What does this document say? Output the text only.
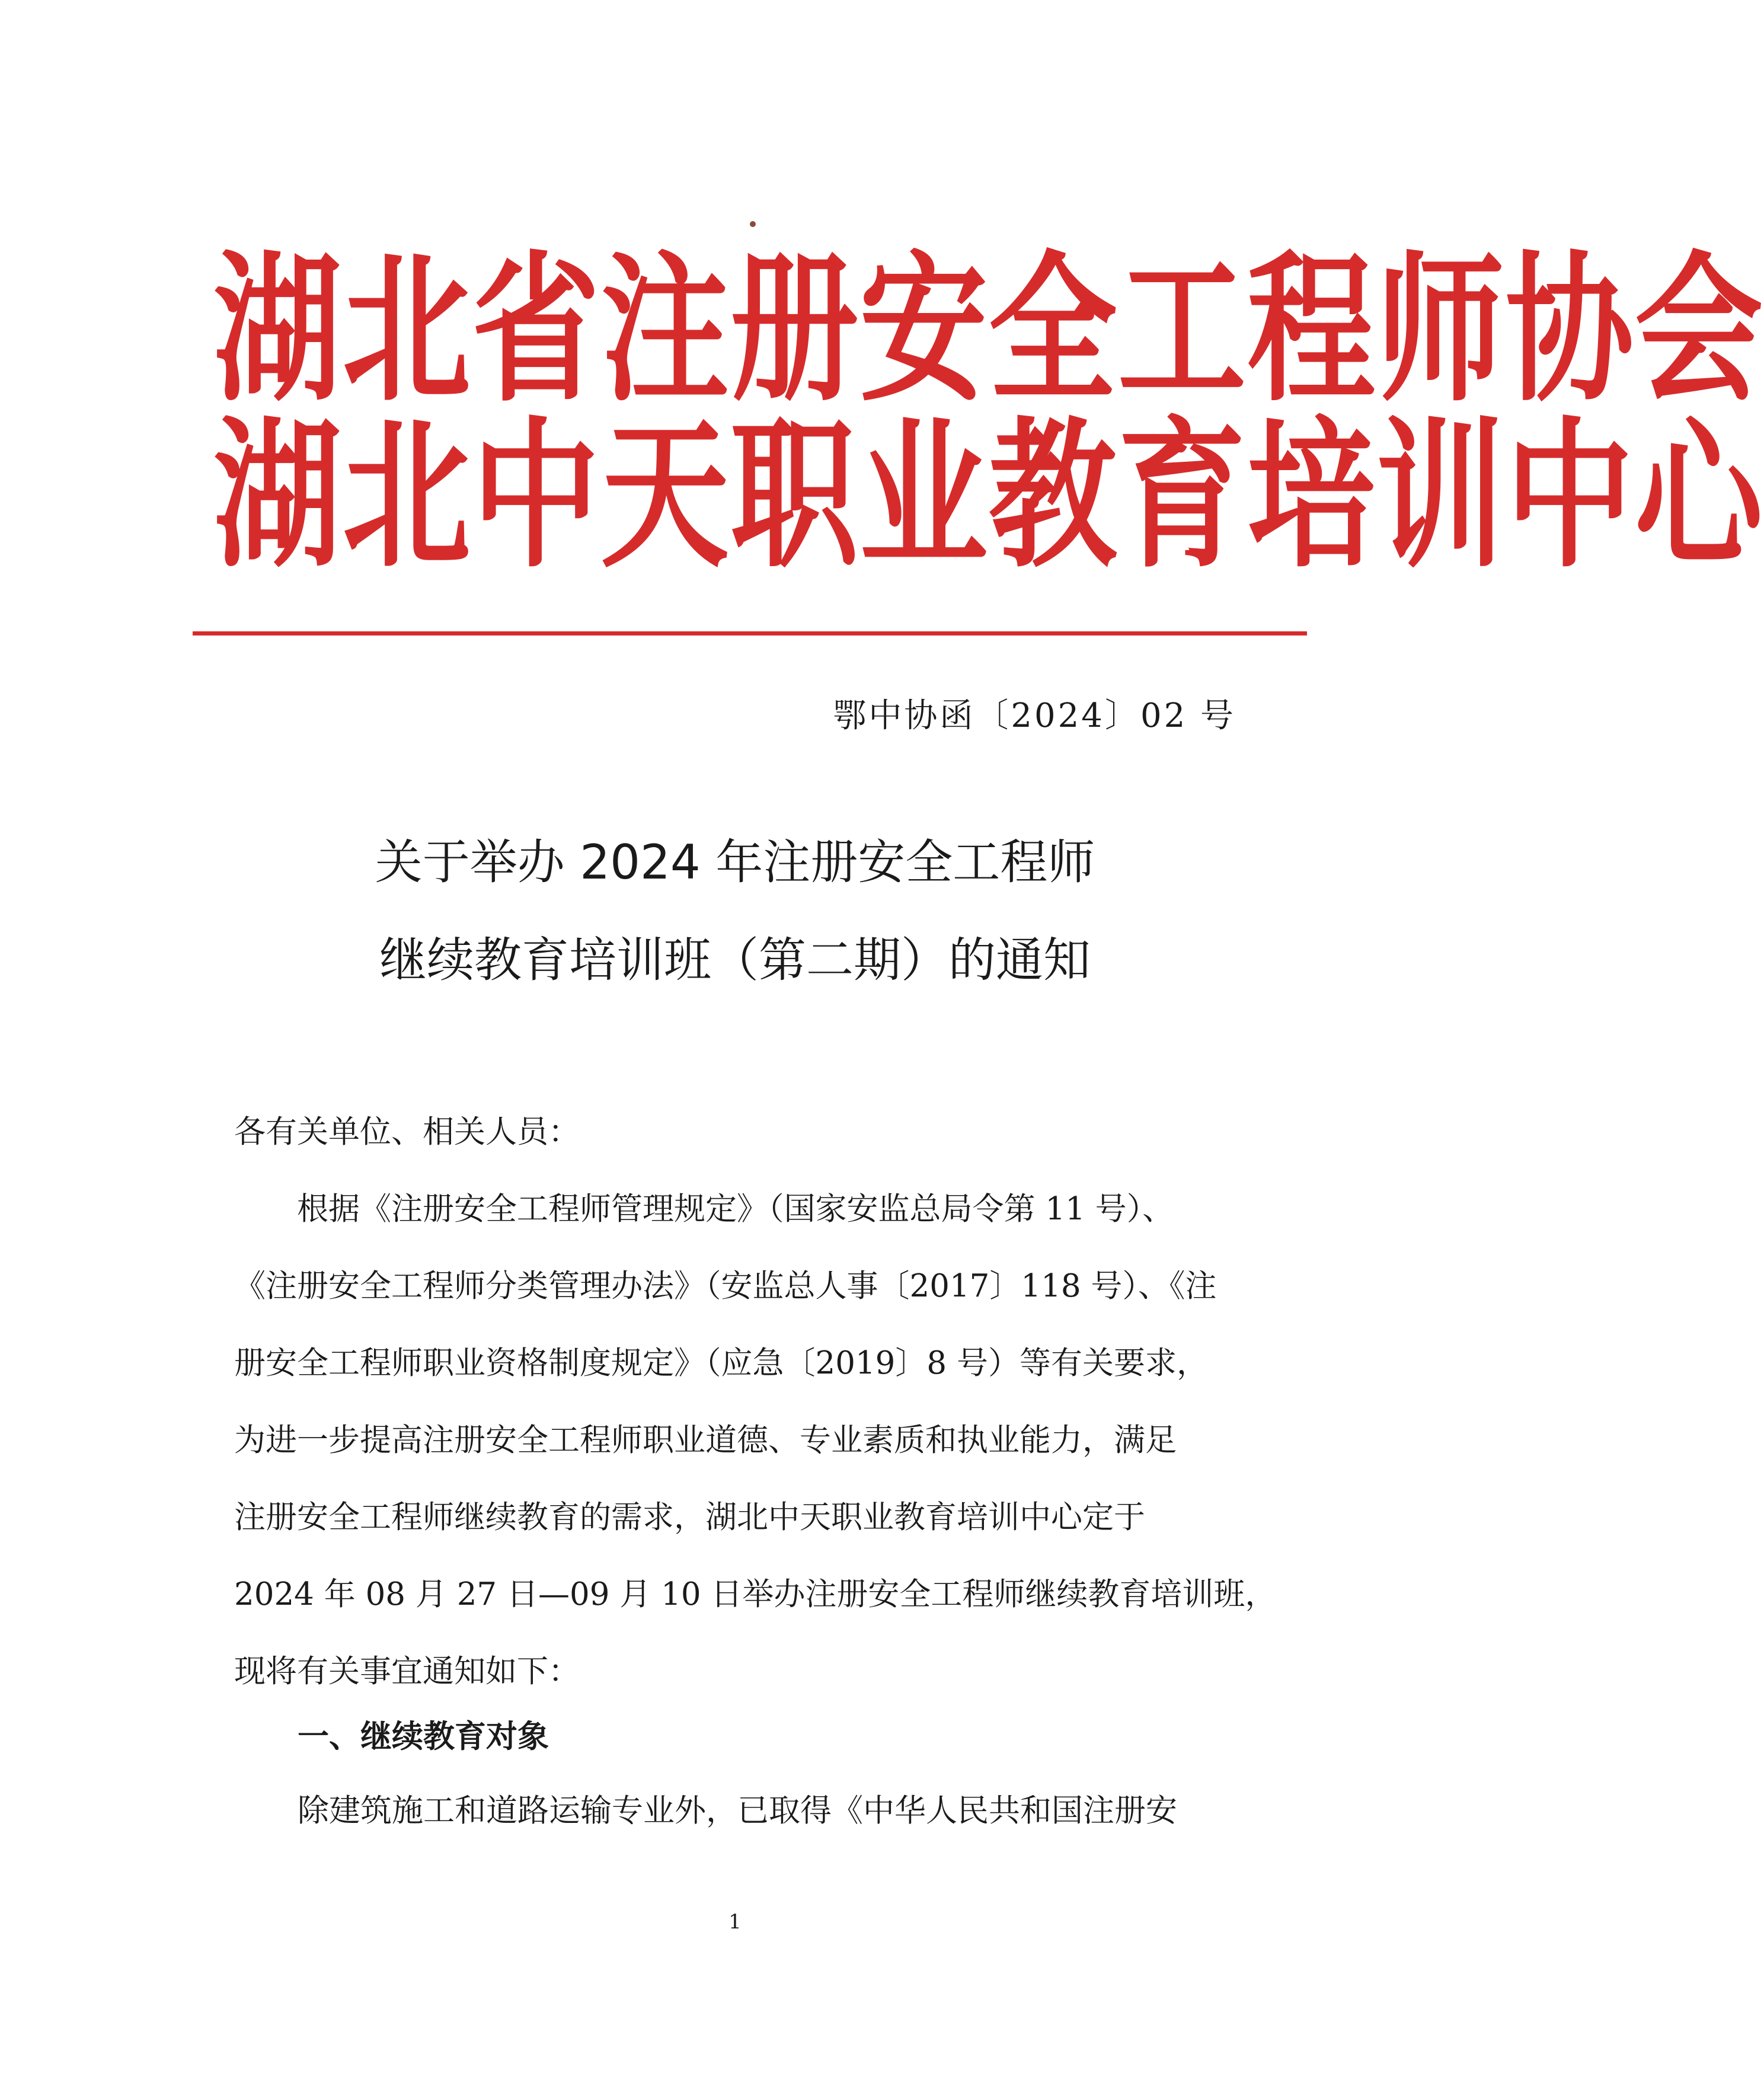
湖北省注册安全工程师协会
湖北中天职业教育培训中心
鄂中协函〔2024〕02 号
关于举办 2024 年注册安全工程师
继续教育培训班（第二期）的通知
各有关单位、相关人员：
　　根据《注册安全工程师管理规定》（国家安监总局令第 11 号）、
《注册安全工程师分类管理办法》（安监总人事〔2017〕118 号）、《注
册安全工程师职业资格制度规定》（应急〔2019〕8 号）等有关要求，
为进一步提高注册安全工程师职业道德、专业素质和执业能力，满足
注册安全工程师继续教育的需求，湖北中天职业教育培训中心定于
2024 年 08 月 27 日—09 月 10 日举办注册安全工程师继续教育培训班，
现将有关事宜通知如下：
一、继续教育对象
除建筑施工和道路运输专业外，已取得《中华人民共和国注册安
1
